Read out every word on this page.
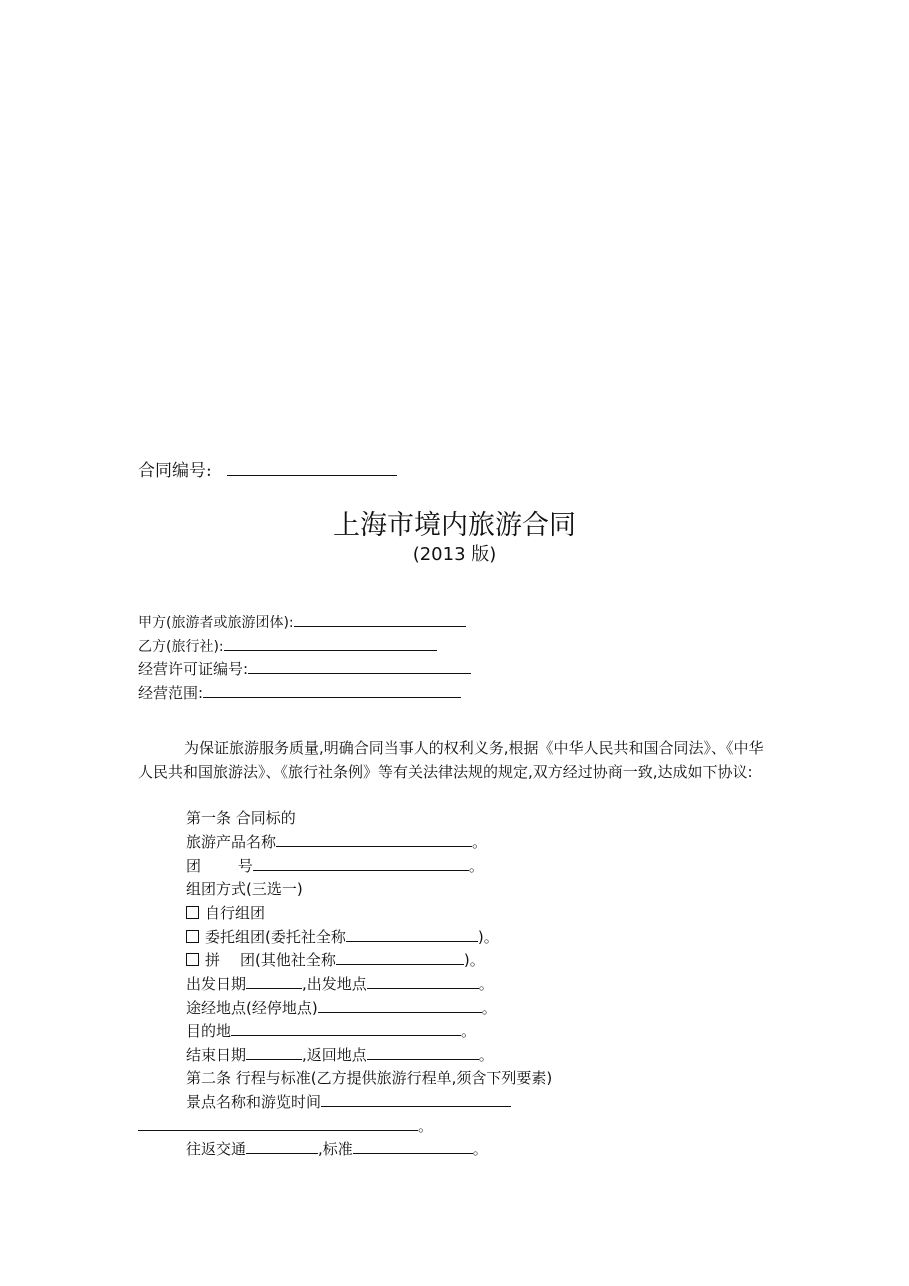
合同编号:
上海市境内旅游合同
(2013 版)
甲方(旅游者或旅游团体):
乙方(旅行社):
经营许可证编号:
经营范围:
为保证旅游服务质量,明确合同当事人的权利义务,根据《中华人民共和国合同法》、《中华人民共和国旅游法》、《旅行社条例》等有关法律法规的规定,双方经过协商一致,达成如下协议:
第一条 合同标的
旅游产品名称	。
团 号	。
组团方式(三选一)
自行组团
委托组团(委托社全称	)。
拼 团(其他社全称	)。
出发日期	,出发地点	。
途经地点(经停地点)	。
目的地	。
结束日期	,返回地点	。
第二条 行程与标准(乙方提供旅游行程单,须含下列要素)
景点名称和游览时间
。
往返交通	,标准	。
